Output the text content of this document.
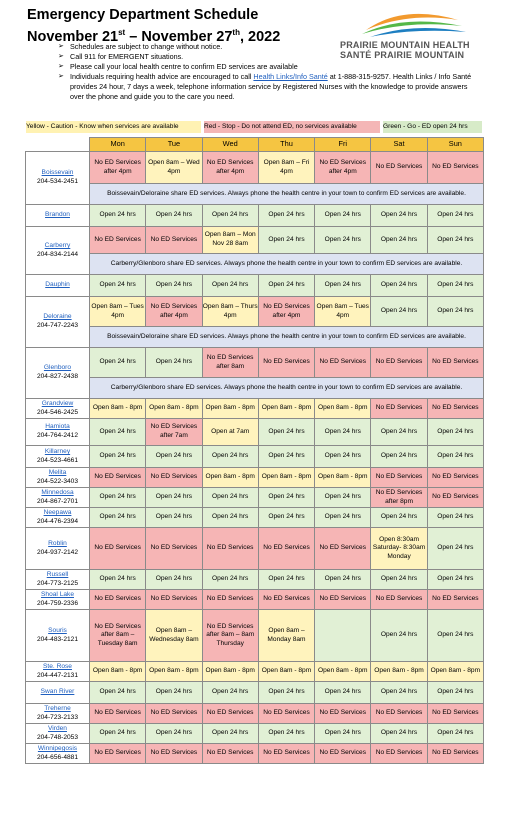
Emergency Department Schedule
November 21st – November 27th, 2022
PRAIRIE MOUNTAIN HEALTH
SANTÉ PRAIRIE MOUNTAIN
➢ Schedules are subject to change without notice.
➢ Call 911 for EMERGENT situations.
➢ Please call your local health centre to confirm ED services are available
➢ Individuals requiring health advice are encouraged to call Health Links/Info Santé at 1-888-315-9257. Health Links / Info Santé provides 24 hour, 7 days a week, telephone information service by Registered Nurses with the knowledge to provide answers over the phone and guide you to the care you need.
Yellow - Caution - Know when services are available	Red - Stop - Do not attend ED, no services available	Green - Go - ED open 24 hrs
	Mon	Tue	Wed	Thu	Fri	Sat	Sun

Boissevain
204-534-2451	No ED Services after 4pm	Open 8am – Wed 4pm	No ED Services after 4pm	Open 8am – Fri 4pm	No ED Services after 4pm	No ED Services	No ED Services
	Boissevain/Deloraine share ED services. Always phone the health centre in your town to confirm ED services are available.						

Brandon	Open 24 hrs	Open 24 hrs	Open 24 hrs	Open 24 hrs	Open 24 hrs	Open 24 hrs	Open 24 hrs

Carberry
204-834-2144	No ED Services	No ED Services	Open 8am – Mon Nov 28 8am	Open 24 hrs	Open 24 hrs	Open 24 hrs	Open 24 hrs
	Carberry/Glenboro share ED services. Always phone the health centre in your town to confirm ED services are available.						

Dauphin	Open 24 hrs	Open 24 hrs	Open 24 hrs	Open 24 hrs	Open 24 hrs	Open 24 hrs	Open 24 hrs

Deloraine
204-747-2243	Open 8am – Tues 4pm	No ED Services after 4pm	Open 8am – Thurs 4pm	No ED Services after 4pm	Open 8am – Tues 4pm	Open 24 hrs	Open 24 hrs
	Boissevain/Deloraine share ED services. Always phone the health centre in your town to confirm ED services are available.						

Glenboro
204-827-2438	Open 24 hrs	Open 24 hrs	No ED Services after 8am	No ED Services	No ED Services	No ED Services	No ED Services
	Carberry/Glenboro share ED services. Always phone the health centre in your town to confirm ED services are available.						

Grandview
204-546-2425	Open 8am - 8pm	Open 8am - 8pm	Open 8am - 8pm	Open 8am - 8pm	Open 8am - 8pm	No ED Services	No ED Services

Hamiota
204-764-2412	Open 24 hrs	No ED Services after 7am	Open at 7am	Open 24 hrs	Open 24 hrs	Open 24 hrs	Open 24 hrs

Killarney
204-523-4661	Open 24 hrs	Open 24 hrs	Open 24 hrs	Open 24 hrs	Open 24 hrs	Open 24 hrs	Open 24 hrs

Melita
204-522-3403	No ED Services	No ED Services	Open 8am - 8pm	Open 8am - 8pm	Open 8am - 8pm	No ED Services	No ED Services

Minnedosa
204-867-2701	Open 24 hrs	Open 24 hrs	Open 24 hrs	Open 24 hrs	Open 24 hrs	No ED Services after 8pm	No ED Services

Neepawa
204-476-2394	Open 24 hrs	Open 24 hrs	Open 24 hrs	Open 24 hrs	Open 24 hrs	Open 24 hrs	Open 24 hrs

Roblin
204-937-2142	No ED Services	No ED Services	No ED Services	No ED Services	No ED Services	Open 8:30am Saturday- 8:30am Monday	Open 24 hrs

Russell
204-773-2125	Open 24 hrs	Open 24 hrs	Open 24 hrs	Open 24 hrs	Open 24 hrs	Open 24 hrs	Open 24 hrs

Shoal Lake
204-759-2336	No ED Services	No ED Services	No ED Services	No ED Services	No ED Services	No ED Services	No ED Services

Souris
204-483-2121	No ED Services after 8am – Tuesday 8am	Open 8am – Wednesday 8am	No ED Services after 8am – 8am Thursday	Open 8am – Monday 8am		Open 24 hrs	Open 24 hrs

Ste. Rose
204-447-2131	Open 8am - 8pm	Open 8am - 8pm	Open 8am - 8pm	Open 8am - 8pm	Open 8am - 8pm	Open 8am - 8pm	Open 8am - 8pm

Swan River	Open 24 hrs	Open 24 hrs	Open 24 hrs	Open 24 hrs	Open 24 hrs	Open 24 hrs	Open 24 hrs

Treherne
204-723-2133	No ED Services	No ED Services	No ED Services	No ED Services	No ED Services	No ED Services	No ED Services

Virden
204-748-2053	Open 24 hrs	Open 24 hrs	Open 24 hrs	Open 24 hrs	Open 24 hrs	Open 24 hrs	Open 24 hrs

Winnipegosis
204-656-4881	No ED Services	No ED Services	No ED Services	No ED Services	No ED Services	No ED Services	No ED Services
